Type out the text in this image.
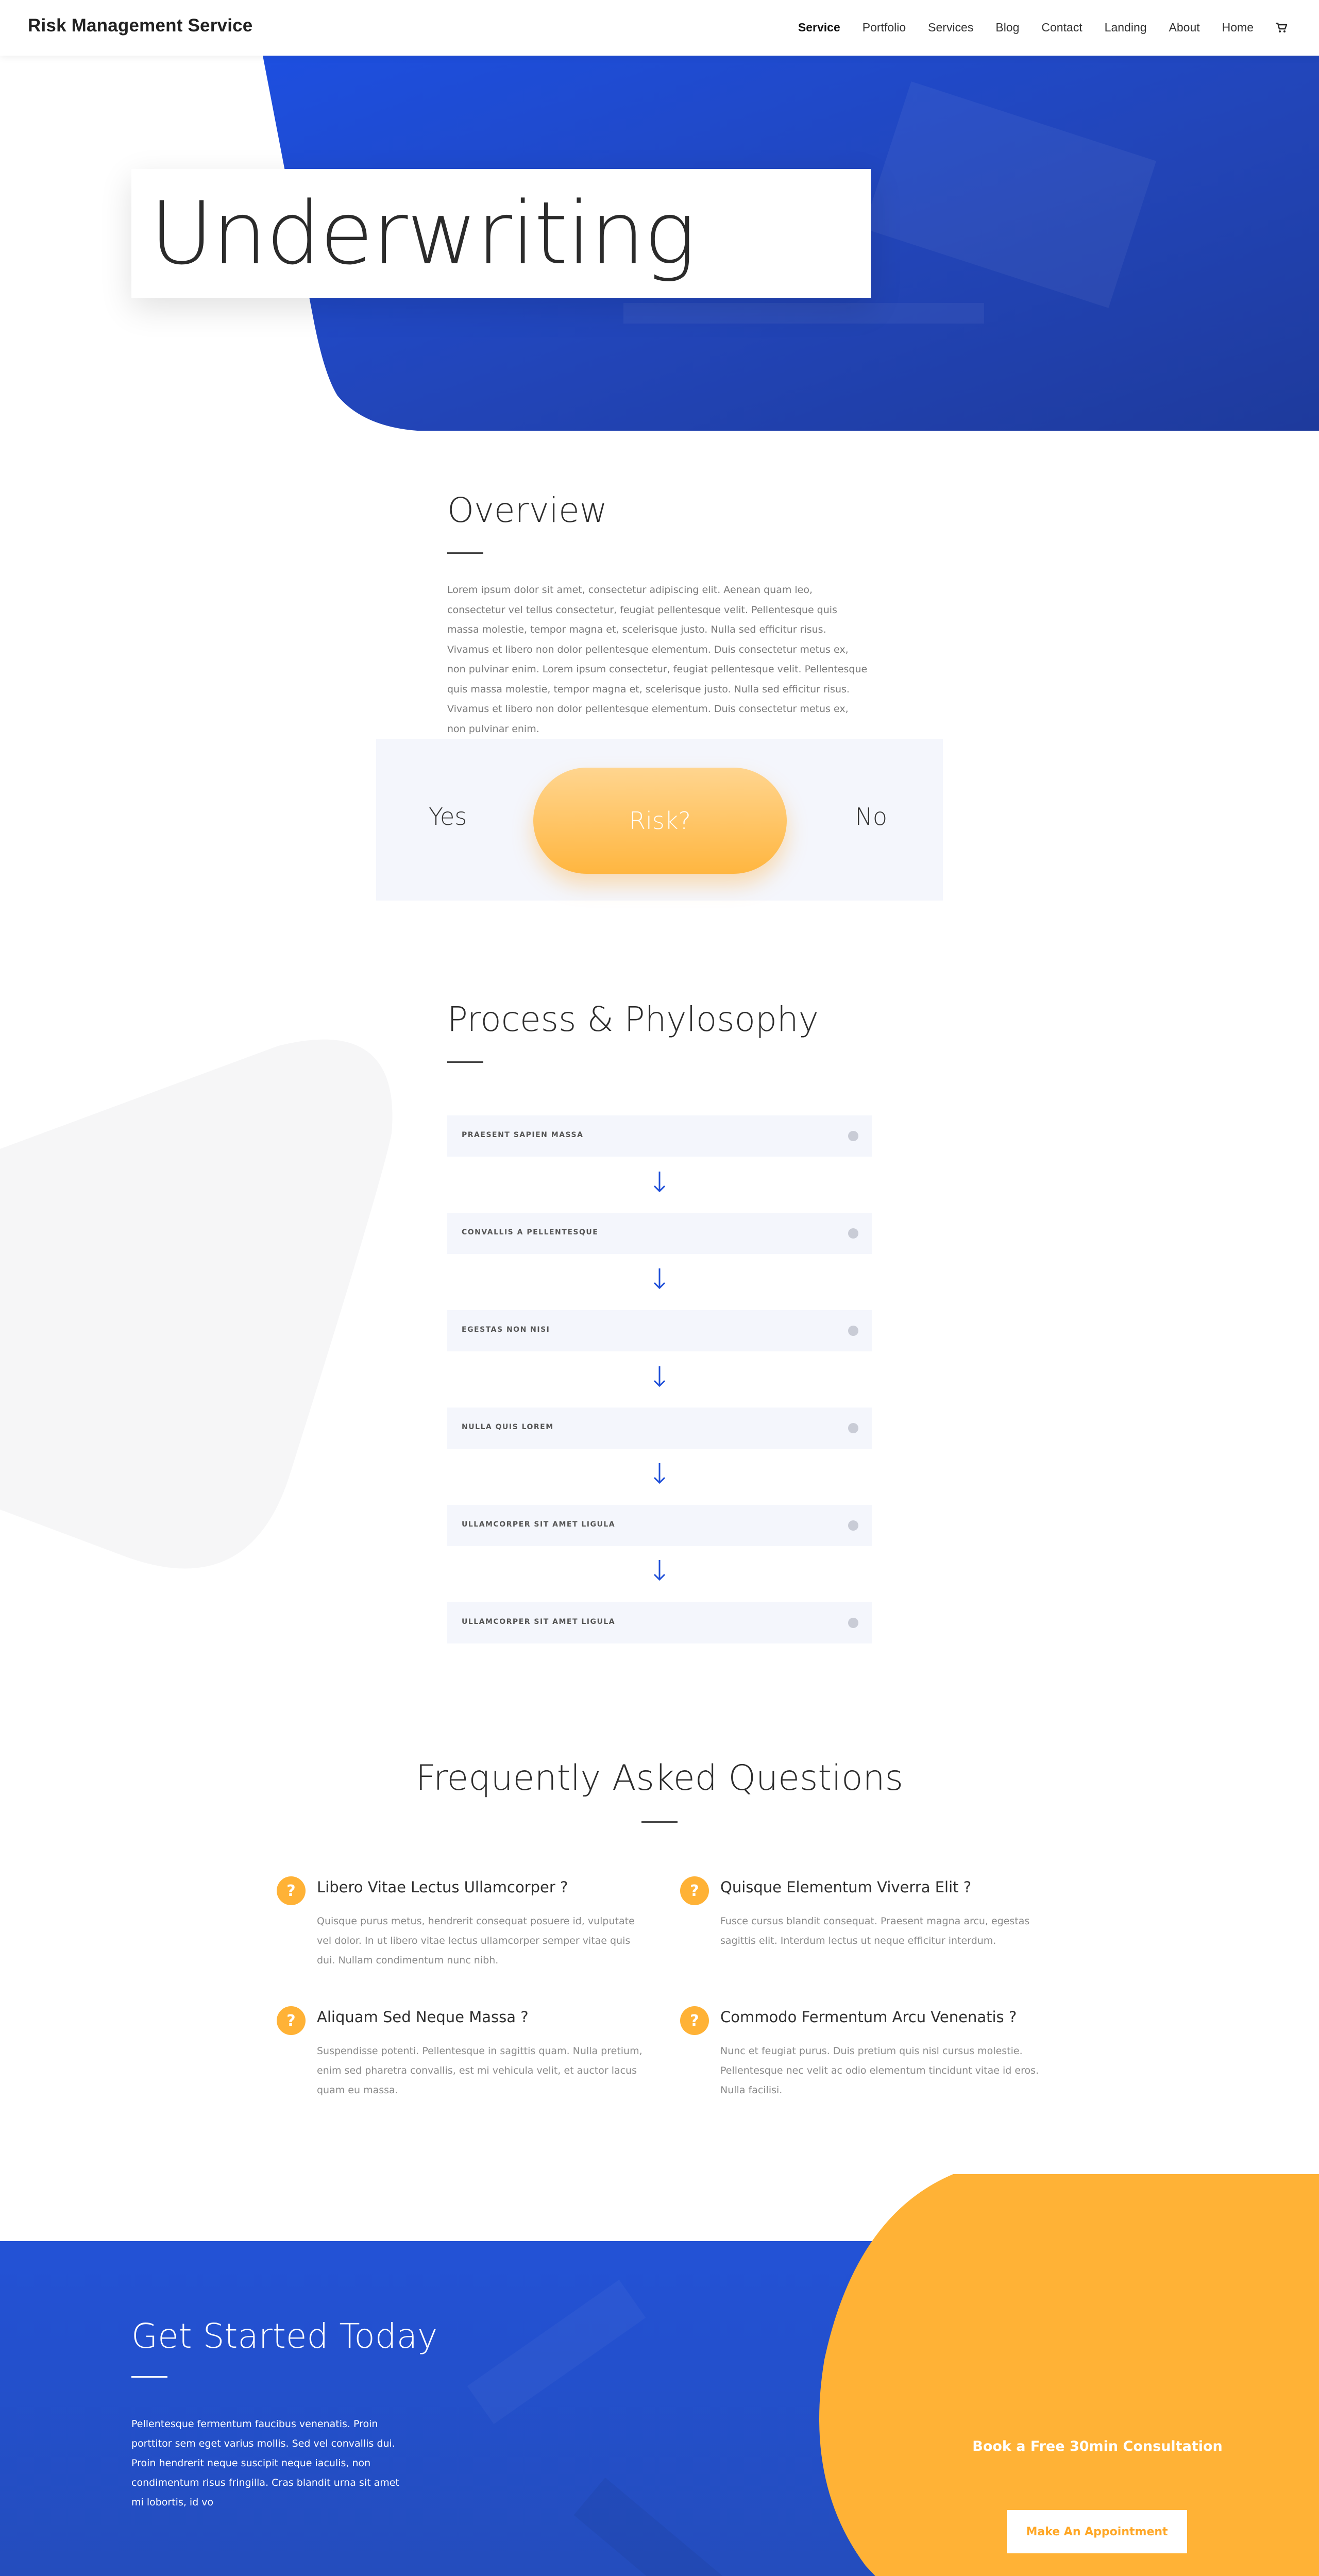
Risk Management Service	Service Portfolio Services Blog Contact Landing About Home
Underwriting
Overview

Lorem ipsum dolor sit amet, consectetur adipiscing elit. Aenean quam leo, consectetur vel tellus consectetur, feugiat pellentesque velit. Pellentesque quis massa molestie, tempor magna et, scelerisque justo. Nulla sed efficitur risus. Vivamus et libero non dolor pellentesque elementum. Duis consectetur metus ex, non pulvinar enim. Lorem ipsum consectetur, feugiat pellentesque velit. Pellentesque quis massa molestie, tempor magna et, scelerisque justo. Nulla sed efficitur risus. Vivamus et libero non dolor pellentesque elementum. Duis consectetur metus ex, non pulvinar enim.

Yes	Risk?	No
Process & Phylosophy
PRAESENT SAPIEN MASSA
CONVALLIS A PELLENTESQUE
EGESTAS NON NISI
NULLA QUIS LOREM
ULLAMCORPER SIT AMET LIGULA
ULLAMCORPER SIT AMET LIGULA
Frequently Asked Questions
?	Libero Vitae Lectus Ullamcorper ?
Quisque purus metus, hendrerit consequat posuere id, vulputate vel dolor. In ut libero vitae lectus ullamcorper semper vitae quis dui. Nullam condimentum nunc nibh.
?	Quisque Elementum Viverra Elit ?
Fusce cursus blandit consequat. Praesent magna arcu, egestas sagittis elit. Interdum lectus ut neque efficitur interdum.
?	Aliquam Sed Neque Massa ?
Suspendisse potenti. Pellentesque in sagittis quam. Nulla pretium, enim sed pharetra convallis, est mi vehicula velit, et auctor lacus quam eu massa.
?	Commodo Fermentum Arcu Venenatis ?
Nunc et feugiat purus. Duis pretium quis nisl cursus molestie. Pellentesque nec velit ac odio elementum tincidunt vitae id eros. Nulla facilisi.
Get Started Today

Pellentesque fermentum faucibus venenatis. Proin porttitor sem eget varius mollis. Sed vel convallis dui. Proin hendrerit neque suscipit neque iaculis, non condimentum risus fringilla. Cras blandit urna sit amet mi lobortis, id vo

Book a Free 30min Consultation
Make An Appointment
